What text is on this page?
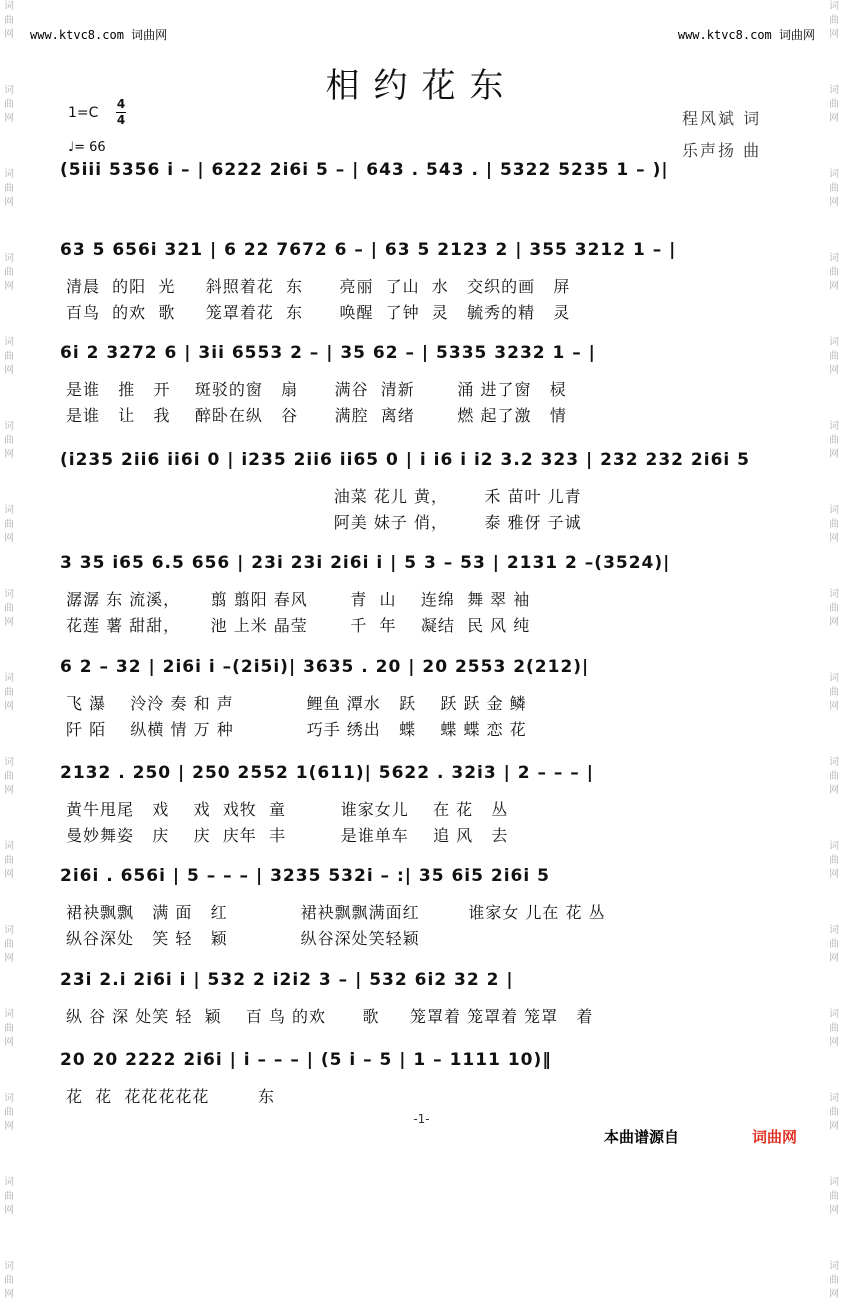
词
曲
网

词
曲
网

词
曲
网

词
曲
网

词
曲
网

词
曲
网

词
曲
网

词
曲
网

词
曲
网

词
曲
网

词
曲
网

词
曲
网

词
曲
网

词
曲
网

词
曲
网

词
曲
网
词
曲
网

词
曲
网

词
曲
网

词
曲
网

词
曲
网

词
曲
网

词
曲
网

词
曲
网

词
曲
网

词
曲
网

词
曲
网

词
曲
网

词
曲
网

词
曲
网

词
曲
网

词
曲
网
www.ktvc8.com 词曲网	www.ktvc8.com 词曲网
相约花东
1=C
4
4
♩= 66
程风斌 词
乐声扬 曲
(5iii 5356 i – | 6222 2i6i 5 – | 643 . 543 . | 5322 5235 1 – )|
63 5 656i 321 | 6 22 7672 6 – | 63 5 2123 2 | 355 3212 1 – |
清晨  的阳  光     斜照着花  东      亮丽  了山  水   交织的画   屏
百鸟  的欢  歌     笼罩着花  东      唤醒  了钟  灵   毓秀的精   灵
6i 2 3272 6 | 3ii 6553 2 – | 35 62 – | 5335 3232 1 – |
是谁   推   开    斑驳的窗   扇      满谷  清新       涌 进了窗   棂
是谁   让   我    醉卧在纵   谷      满腔  离绪       燃 起了激   情
(i235 2ii6 ii6i 0 | i235 2ii6 ii65 0 | i i6 i i2 3.2 323 | 232 232 2i6i 5
油菜 花儿 黄，      禾 苗叶 儿青
阿美 妹子 俏，      泰 雅伢 子诚
3 35 i65 6.5 656 | 23i 23i 2i6i i | 5 3 – 53 | 2131 2 –(3524)|
潺潺 东 流溪，     翦 翦阳 春风       青  山    连绵  舞 翠 袖
花莲 薯 甜甜，     池 上米 晶莹       千  年    凝结  民 风 纯
6 2 – 32 | 2i6i i –(2i5i)| 3635 . 20 | 20 2553 2(212)|
飞 瀑    泠泠 奏 和 声            鲤鱼 潭水   跃    跃 跃 金 鳞
阡 陌    纵横 情 万 种            巧手 绣出   蝶    蝶 蝶 恋 花
2132 . 250 | 250 2552 1(611)| 5622 . 32i3 | 2 – – – |
黄牛甩尾   戏    戏  戏牧  童         谁家女儿    在 花   丛
曼妙舞姿   庆    庆  庆年  丰         是谁单车    追 风   去
2i6i . 656i | 5 – – – | 3235 532i – :| 35 6i5 2i6i 5
裙袂飘飘   满 面   红            裙袂飘飘满面红        谁家女 儿在 花 丛
纵谷深处   笑 轻   颖            纵谷深处笑轻颖
23i 2.i 2i6i i | 532 2 i2i2 3 – | 532 6i2 32 2 |
纵 谷 深 处笑 轻  颖    百 鸟 的欢      歌     笼罩着 笼罩着 笼罩   着
20 20 2222 2i6i | i – – – | (5 i – 5 | 1 – 1111 10)‖
花  花  花花花花花        东
-1-
本曲谱源自	词曲网
